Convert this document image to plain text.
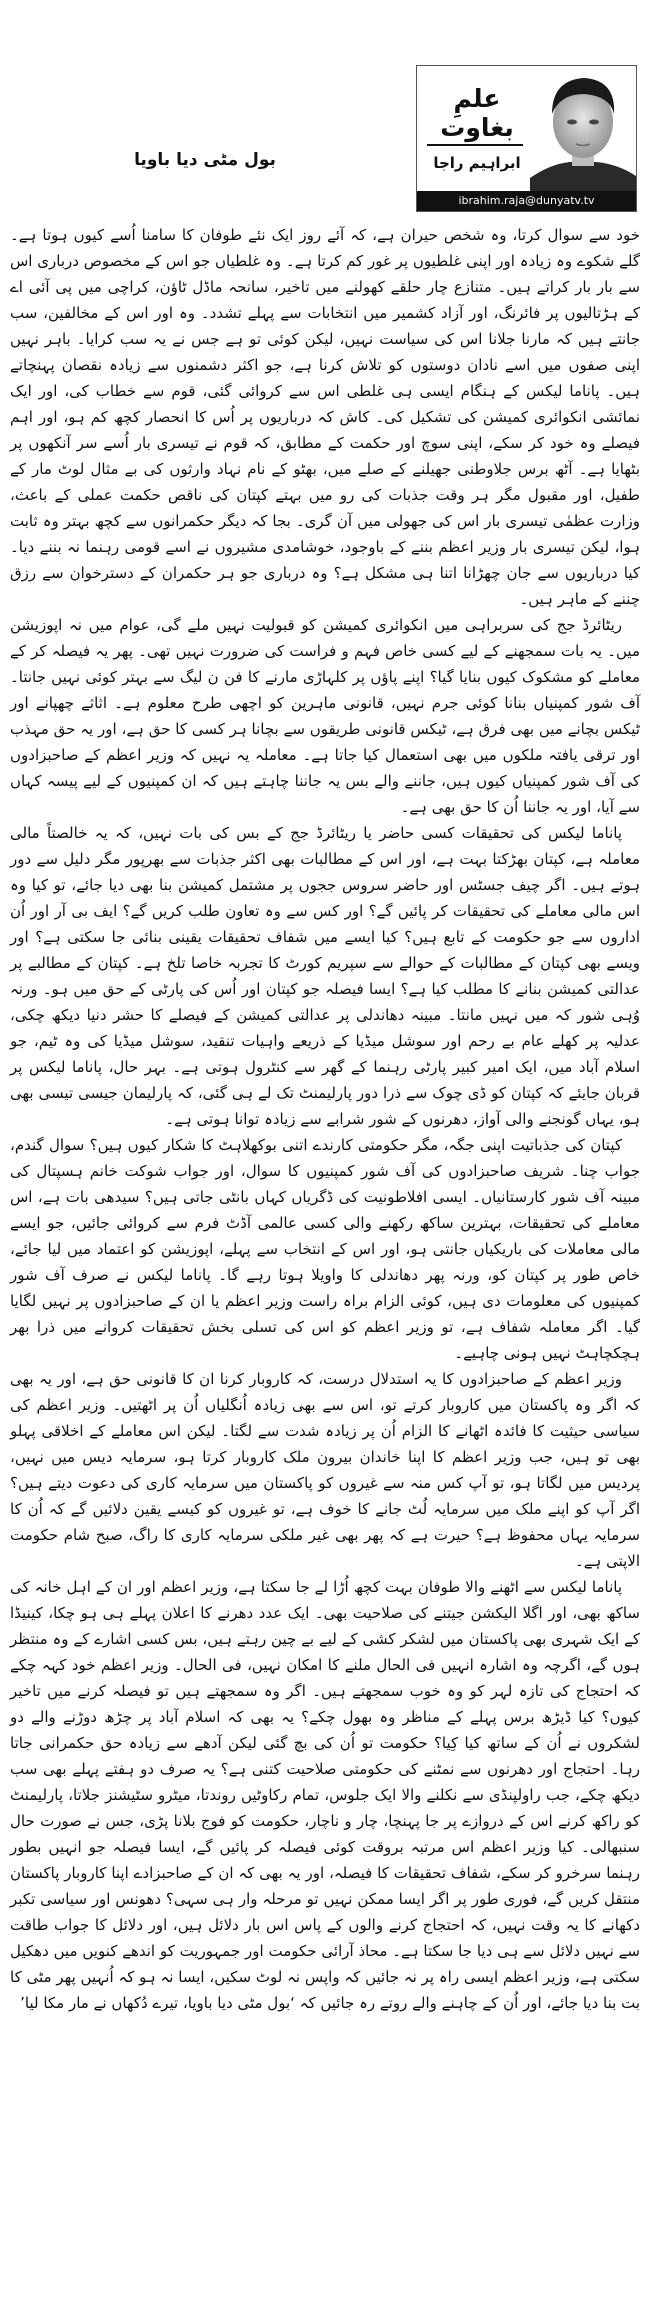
علمِ بغاوت
ابراہیم راجا
ibrahim.raja@dunyatv.tv
بول مٹی دیا باویا

خود سے سوال کرتا، وہ شخص حیران ہے، کہ آئے روز ایک نئے طوفان کا سامنا اُسے کیوں ہوتا ہے۔ گلے شکوے وہ زیادہ اور اپنی غلطیوں پر غور کم کرتا ہے۔ وہ غلطیاں جو اس کے مخصوص درباری اس سے بار بار کراتے ہیں۔ متنازع چار حلقے کھولنے میں تاخیر، سانحہ ماڈل ٹاؤن، کراچی میں پی آئی اے کے ہڑتالیوں پر فائرنگ، اور آزاد کشمیر میں انتخابات سے پہلے تشدد۔ وہ اور اس کے مخالفین، سب جانتے ہیں کہ مارنا جلانا اس کی سیاست نہیں، لیکن کوئی تو ہے جس نے یہ سب کرایا۔ باہر نہیں اپنی صفوں میں اسے نادان دوستوں کو تلاش کرنا ہے، جو اکثر دشمنوں سے زیادہ نقصان پہنچاتے ہیں۔ پاناما لیکس کے ہنگام ایسی ہی غلطی اس سے کروائی گئی، قوم سے خطاب کی، اور ایک نمائشی انکوائری کمیشن کی تشکیل کی۔ کاش کہ درباریوں پر اُس کا انحصار کچھ کم ہو، اور اہم فیصلے وہ خود کر سکے، اپنی سوچ اور حکمت کے مطابق، کہ قوم نے تیسری بار اُسے سر آنکھوں پر بٹھایا ہے۔ آٹھ برس جلاوطنی جھیلنے کے صلے میں، بھٹو کے نام نہاد وارثوں کی بے مثال لوٹ مار کے طفیل، اور مقبول مگر ہر وقت جذبات کی رو میں بہتے کپتان کی ناقص حکمت عملی کے باعث، وزارت عظمٰی تیسری بار اس کی جھولی میں آن گری۔ بجا کہ دیگر حکمرانوں سے کچھ بہتر وہ ثابت ہوا، لیکن تیسری بار وزیر اعظم بننے کے باوجود، خوشامدی مشیروں نے اسے قومی رہنما نہ بننے دیا۔ کیا درباریوں سے جان چھڑانا اتنا ہی مشکل ہے؟ وہ درباری جو ہر حکمران کے دسترخوان سے رزق چننے کے ماہر ہیں۔

ریٹائرڈ جج کی سربراہی میں انکوائری کمیشن کو قبولیت نہیں ملے گی، عوام میں نہ اپوزیشن میں۔ یہ بات سمجھنے کے لیے کسی خاص فہم و فراست کی ضرورت نہیں تھی۔ پھر یہ فیصلہ کر کے معاملے کو مشکوک کیوں بنایا گیا؟ اپنے پاؤں پر کلہاڑی مارنے کا فن ن لیگ سے بہتر کوئی نہیں جانتا۔ آف شور کمپنیاں بنانا کوئی جرم نہیں، قانونی ماہرین کو اچھی طرح معلوم ہے۔ اثاثے چھپانے اور ٹیکس بچانے میں بھی فرق ہے، ٹیکس قانونی طریقوں سے بچانا ہر کسی کا حق ہے، اور یہ حق مہذب اور ترقی یافتہ ملکوں میں بھی استعمال کیا جاتا ہے۔ معاملہ یہ نہیں کہ وزیر اعظم کے صاحبزادوں کی آف شور کمپنیاں کیوں ہیں، جاننے والے بس یہ جاننا چاہتے ہیں کہ ان کمپنیوں کے لیے پیسہ کہاں سے آیا، اور یہ جاننا اُن کا حق بھی ہے۔

پاناما لیکس کی تحقیقات کسی حاضر یا ریٹائرڈ جج کے بس کی بات نہیں، کہ یہ خالصتاً مالی معاملہ ہے، کپتان بھڑکتا بہت ہے، اور اس کے مطالبات بھی اکثر جذبات سے بھرپور مگر دلیل سے دور ہوتے ہیں۔ اگر چیف جسٹس اور حاضر سروس ججوں پر مشتمل کمیشن بنا بھی دیا جائے، تو کیا وہ اس مالی معاملے کی تحقیقات کر پائیں گے؟ اور کس سے وہ تعاون طلب کریں گے؟ ایف بی آر اور اُن اداروں سے جو حکومت کے تابع ہیں؟ کیا ایسے میں شفاف تحقیقات یقینی بنائی جا سکتی ہے؟ اور ویسے بھی کپتان کے مطالبات کے حوالے سے سپریم کورٹ کا تجربہ خاصا تلخ ہے۔ کپتان کے مطالبے پر عدالتی کمیشن بنانے کا مطلب کیا ہے؟ ایسا فیصلہ جو کپتان اور اُس کی پارٹی کے حق میں ہو۔ ورنہ وُہی شور کہ میں نہیں مانتا۔ مبینہ دھاندلی پر عدالتی کمیشن کے فیصلے کا حشر دنیا دیکھ چکی، عدلیہ پر کھلے عام بے رحم اور سوشل میڈیا کے ذریعے واہیات تنقید، سوشل میڈیا کی وہ ٹیم، جو اسلام آباد میں، ایک امیر کبیر پارٹی رہنما کے گھر سے کنٹرول ہوتی ہے۔ بہر حال، پاناما لیکس پر قربان جایئے کہ کپتان کو ڈی چوک سے ذرا دور پارلیمنٹ تک لے ہی گئی، کہ پارلیمان جیسی تیسی بھی ہو، یہاں گونجنے والی آواز، دھرنوں کے شور شرابے سے زیادہ توانا ہوتی ہے۔

کپتان کی جذباتیت اپنی جگہ، مگر حکومتی کارندے اتنی بوکھلاہٹ کا شکار کیوں ہیں؟ سوال گندم، جواب چنا۔ شریف صاحبزادوں کی آف شور کمپنیوں کا سوال، اور جواب شوکت خانم ہسپتال کی مبینہ آف شور کارستانیاں۔ ایسی افلاطونیت کی ڈگریاں کہاں بانٹی جاتی ہیں؟ سیدھی بات ہے، اس معاملے کی تحقیقات، بہترین ساکھ رکھنے والی کسی عالمی آڈٹ فرم سے کروائی جائیں، جو ایسے مالی معاملات کی باریکیاں جانتی ہو، اور اس کے انتخاب سے پہلے، اپوزیشن کو اعتماد میں لیا جائے، خاص طور پر کپتان کو، ورنہ پھر دھاندلی کا واویلا ہوتا رہے گا۔ پاناما لیکس نے صرف آف شور کمپنیوں کی معلومات دی ہیں، کوئی الزام براہ راست وزیر اعظم یا ان کے صاحبزادوں پر نہیں لگایا گیا۔ اگر معاملہ شفاف ہے، تو وزیر اعظم کو اس کی تسلی بخش تحقیقات کروانے میں ذرا بھر ہچکچاہٹ نہیں ہونی چاہیے۔

وزیر اعظم کے صاحبزادوں کا یہ استدلال درست، کہ کاروبار کرنا ان کا قانونی حق ہے، اور یہ بھی کہ اگر وہ پاکستان میں کاروبار کرتے تو، اس سے بھی زیادہ اُنگلیاں اُن پر اٹھتیں۔ وزیر اعظم کی سیاسی حیثیت کا فائدہ اٹھانے کا الزام اُن پر زیادہ شدت سے لگتا۔ لیکن اس معاملے کے اخلاقی پہلو بھی تو ہیں، جب وزیر اعظم کا اپنا خاندان بیرون ملک کاروبار کرتا ہو، سرمایہ دیس میں نہیں، پردیس میں لگاتا ہو، تو آپ کس منہ سے غیروں کو پاکستان میں سرمایہ کاری کی دعوت دیتے ہیں؟ اگر آپ کو اپنے ملک میں سرمایہ لُٹ جانے کا خوف ہے، تو غیروں کو کیسے یقین دلائیں گے کہ اُن کا سرمایہ یہاں محفوظ ہے؟ حیرت ہے کہ پھر بھی غیر ملکی سرمایہ کاری کا راگ، صبح شام حکومت الاپتی ہے۔

پاناما لیکس سے اٹھنے والا طوفان بہت کچھ اُڑا لے جا سکتا ہے، وزیر اعظم اور ان کے اہل خانہ کی ساکھ بھی، اور اگلا الیکشن جیتنے کی صلاحیت بھی۔ ایک عدد دھرنے کا اعلان پہلے ہی ہو چکا، کینیڈا کے ایک شہری بھی پاکستان میں لشکر کشی کے لیے بے چین رہتے ہیں، بس کسی اشارے کے وہ منتظر ہوں گے، اگرچہ وہ اشارہ انہیں فی الحال ملنے کا امکان نہیں، فی الحال۔ وزیر اعظم خود کہہ چکے کہ احتجاج کی تازہ لہر کو وہ خوب سمجھتے ہیں۔ اگر وہ سمجھتے ہیں تو فیصلہ کرنے میں تاخیر کیوں؟ کیا ڈیڑھ برس پہلے کے مناظر وہ بھول چکے؟ یہ بھی کہ اسلام آباد پر چڑھ دوڑنے والے دو لشکروں نے اُن کے ساتھ کیا کِیا؟ حکومت تو اُن کی بچ گئی لیکن آدھے سے زیادہ حق حکمرانی جاتا رہا۔ احتجاج اور دھرنوں سے نمٹنے کی حکومتی صلاحیت کتنی ہے؟ یہ صرف دو ہفتے پہلے بھی سب دیکھ چکے، جب راولپنڈی سے نکلنے والا ایک جلوس، تمام رکاوٹیں روندتا، میٹرو سٹیشنز جلاتا، پارلیمنٹ کو راکھ کرنے اس کے دروازے پر جا پہنچا، چار و ناچار، حکومت کو فوج بلانا پڑی، جس نے صورت حال سنبھالی۔ کیا وزیر اعظم اس مرتبہ بروقت کوئی فیصلہ کر پائیں گے، ایسا فیصلہ جو انہیں بطور رہنما سرخرو کر سکے، شفاف تحقیقات کا فیصلہ، اور یہ بھی کہ ان کے صاحبزادے اپنا کاروبار پاکستان منتقل کریں گے، فوری طور پر اگر ایسا ممکن نہیں تو مرحلہ وار ہی سہی؟ دھونس اور سیاسی تکبر دکھانے کا یہ وقت نہیں، کہ احتجاج کرنے والوں کے پاس اس بار دلائل ہیں، اور دلائل کا جواب طاقت سے نہیں دلائل سے ہی دیا جا سکتا ہے۔ محاذ آرائی حکومت اور جمہوریت کو اندھے کنویں میں دھکیل سکتی ہے، وزیر اعظم ایسی راہ پر نہ جائیں کہ واپس نہ لوٹ سکیں، ایسا نہ ہو کہ اُنہیں پھر مٹی کا بت بنا دیا جائے، اور اُن کے چاہنے والے روتے رہ جائیں کہ ‘بول مٹی دیا باویا، تیرے دُکھاں نے مار مکا لیا’
